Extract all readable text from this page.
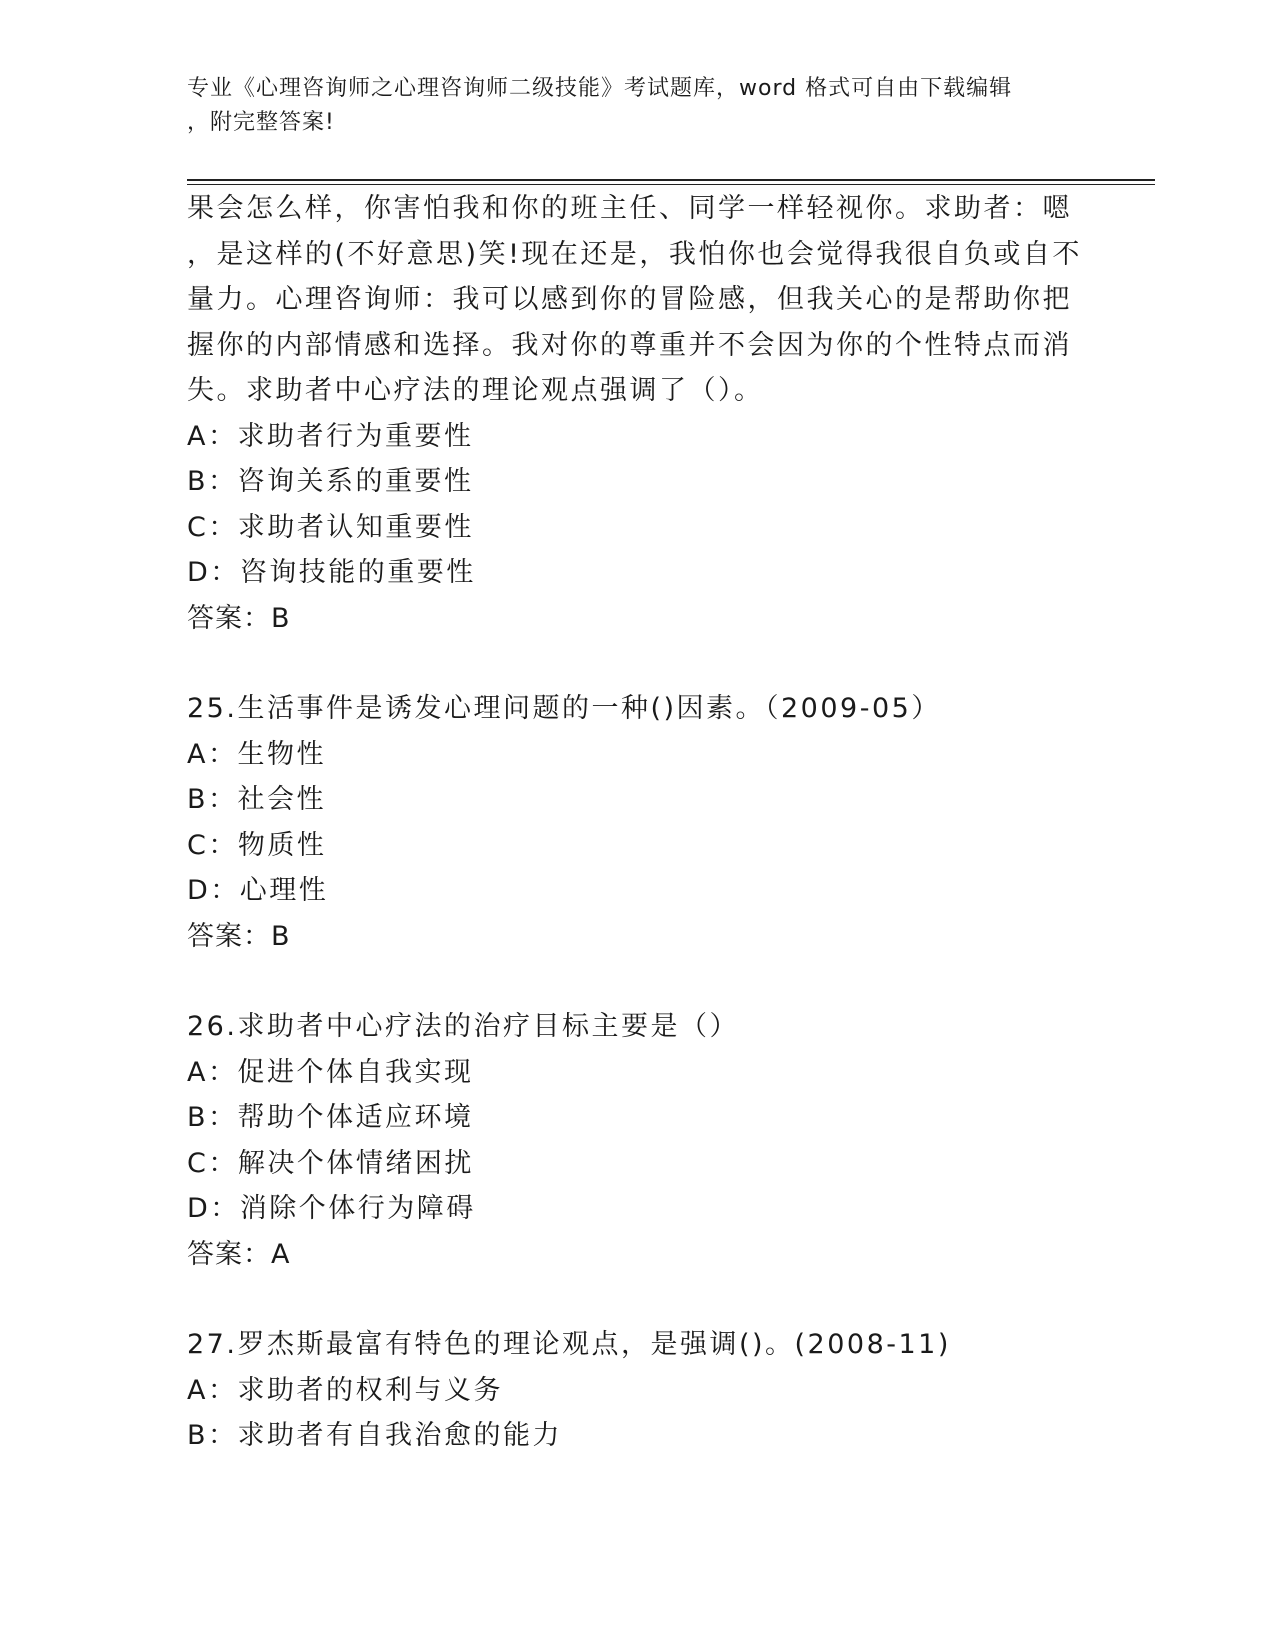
专业《心理咨询师之心理咨询师二级技能》考试题库，word 格式可自由下载编辑
，附完整答案!
果会怎么样，你害怕我和你的班主任、同学一样轻视你。求助者：嗯
，是这样的(不好意思)笑!现在还是，我怕你也会觉得我很自负或自不
量力。心理咨询师：我可以感到你的冒险感，但我关心的是帮助你把
握你的内部情感和选择。我对你的尊重并不会因为你的个性特点而消
失。求助者中心疗法的理论观点强调了（）。
A：求助者行为重要性
B：咨询关系的重要性
C：求助者认知重要性
D：咨询技能的重要性
答案：B
25.生活事件是诱发心理问题的一种()因素。（2009-05）
A：生物性
B：社会性
C：物质性
D：心理性
答案：B
26.求助者中心疗法的治疗目标主要是（）
A：促进个体自我实现
B：帮助个体适应环境
C：解决个体情绪困扰
D：消除个体行为障碍
答案：A
27.罗杰斯最富有特色的理论观点，是强调()。(2008-11)
A：求助者的权利与义务
B：求助者有自我治愈的能力
